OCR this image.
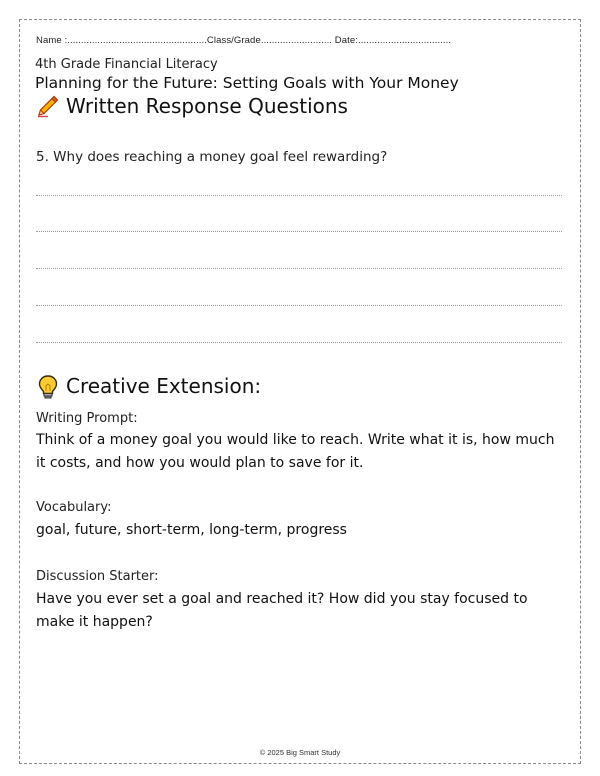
Name :...................................................Class/Grade.......................... Date:..................................
4th Grade Financial Literacy
Planning for the Future: Setting Goals with Your Money
Written Response Questions
5. Why does reaching a money goal feel rewarding?
Creative Extension:
Writing Prompt:
Think of a money goal you would like to reach. Write what it is, how much it costs, and how you would plan to save for it.
Vocabulary:
goal, future, short-term, long-term, progress
Discussion Starter:
Have you ever set a goal and reached it? How did you stay focused to make it happen?
© 2025 Big Smart Study
